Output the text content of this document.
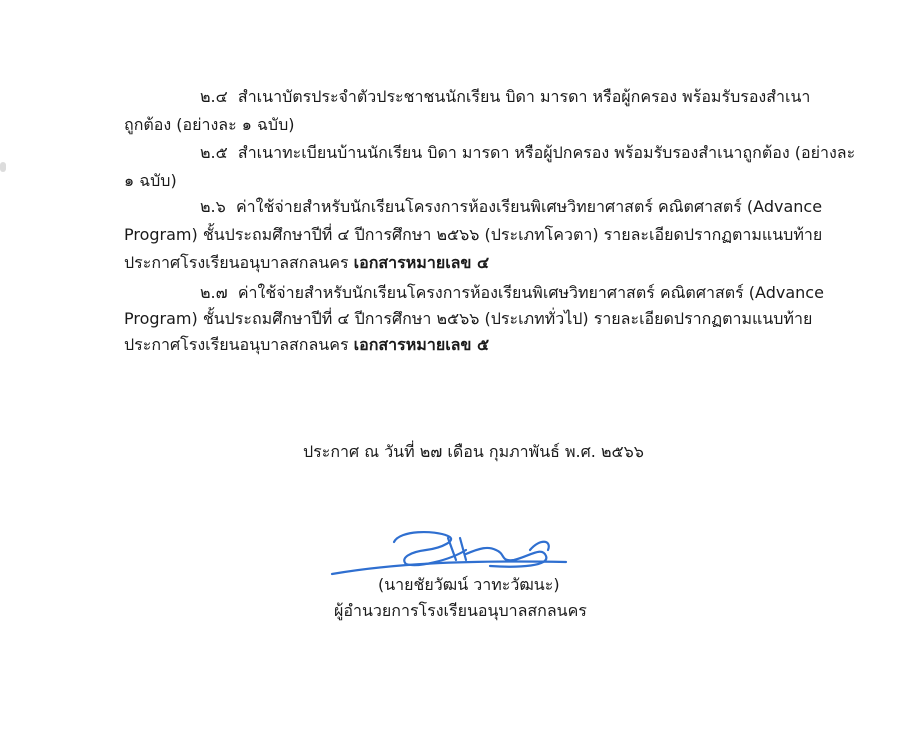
๒.๔ สำเนาบัตรประจำตัวประชาชนนักเรียน บิดา มารดา หรือผู้กครอง พร้อมรับรองสำเนา
ถูกต้อง (อย่างละ ๑ ฉบับ)
๒.๕ สำเนาทะเบียนบ้านนักเรียน บิดา มารดา หรือผู้ปกครอง พร้อมรับรองสำเนาถูกต้อง (อย่างละ
๑ ฉบับ)
๒.๖ ค่าใช้จ่ายสำหรับนักเรียนโครงการห้องเรียนพิเศษวิทยาศาสตร์ คณิตศาสตร์ (Advance
Program) ชั้นประถมศึกษาปีที่ ๔ ปีการศึกษา ๒๕๖๖ (ประเภทโควตา) รายละเอียดปรากฏตามแนบท้าย
ประกาศโรงเรียนอนุบาลสกลนคร เอกสารหมายเลข ๔
๒.๗ ค่าใช้จ่ายสำหรับนักเรียนโครงการห้องเรียนพิเศษวิทยาศาสตร์ คณิตศาสตร์ (Advance
Program) ชั้นประถมศึกษาปีที่ ๔ ปีการศึกษา ๒๕๖๖ (ประเภททั่วไป) รายละเอียดปรากฏตามแนบท้าย
ประกาศโรงเรียนอนุบาลสกลนคร เอกสารหมายเลข ๕
ประกาศ ณ วันที่ ๒๗ เดือน กุมภาพันธ์ พ.ศ. ๒๕๖๖
(นายชัยวัฒน์ วาทะวัฒนะ)
ผู้อำนวยการโรงเรียนอนุบาลสกลนคร
